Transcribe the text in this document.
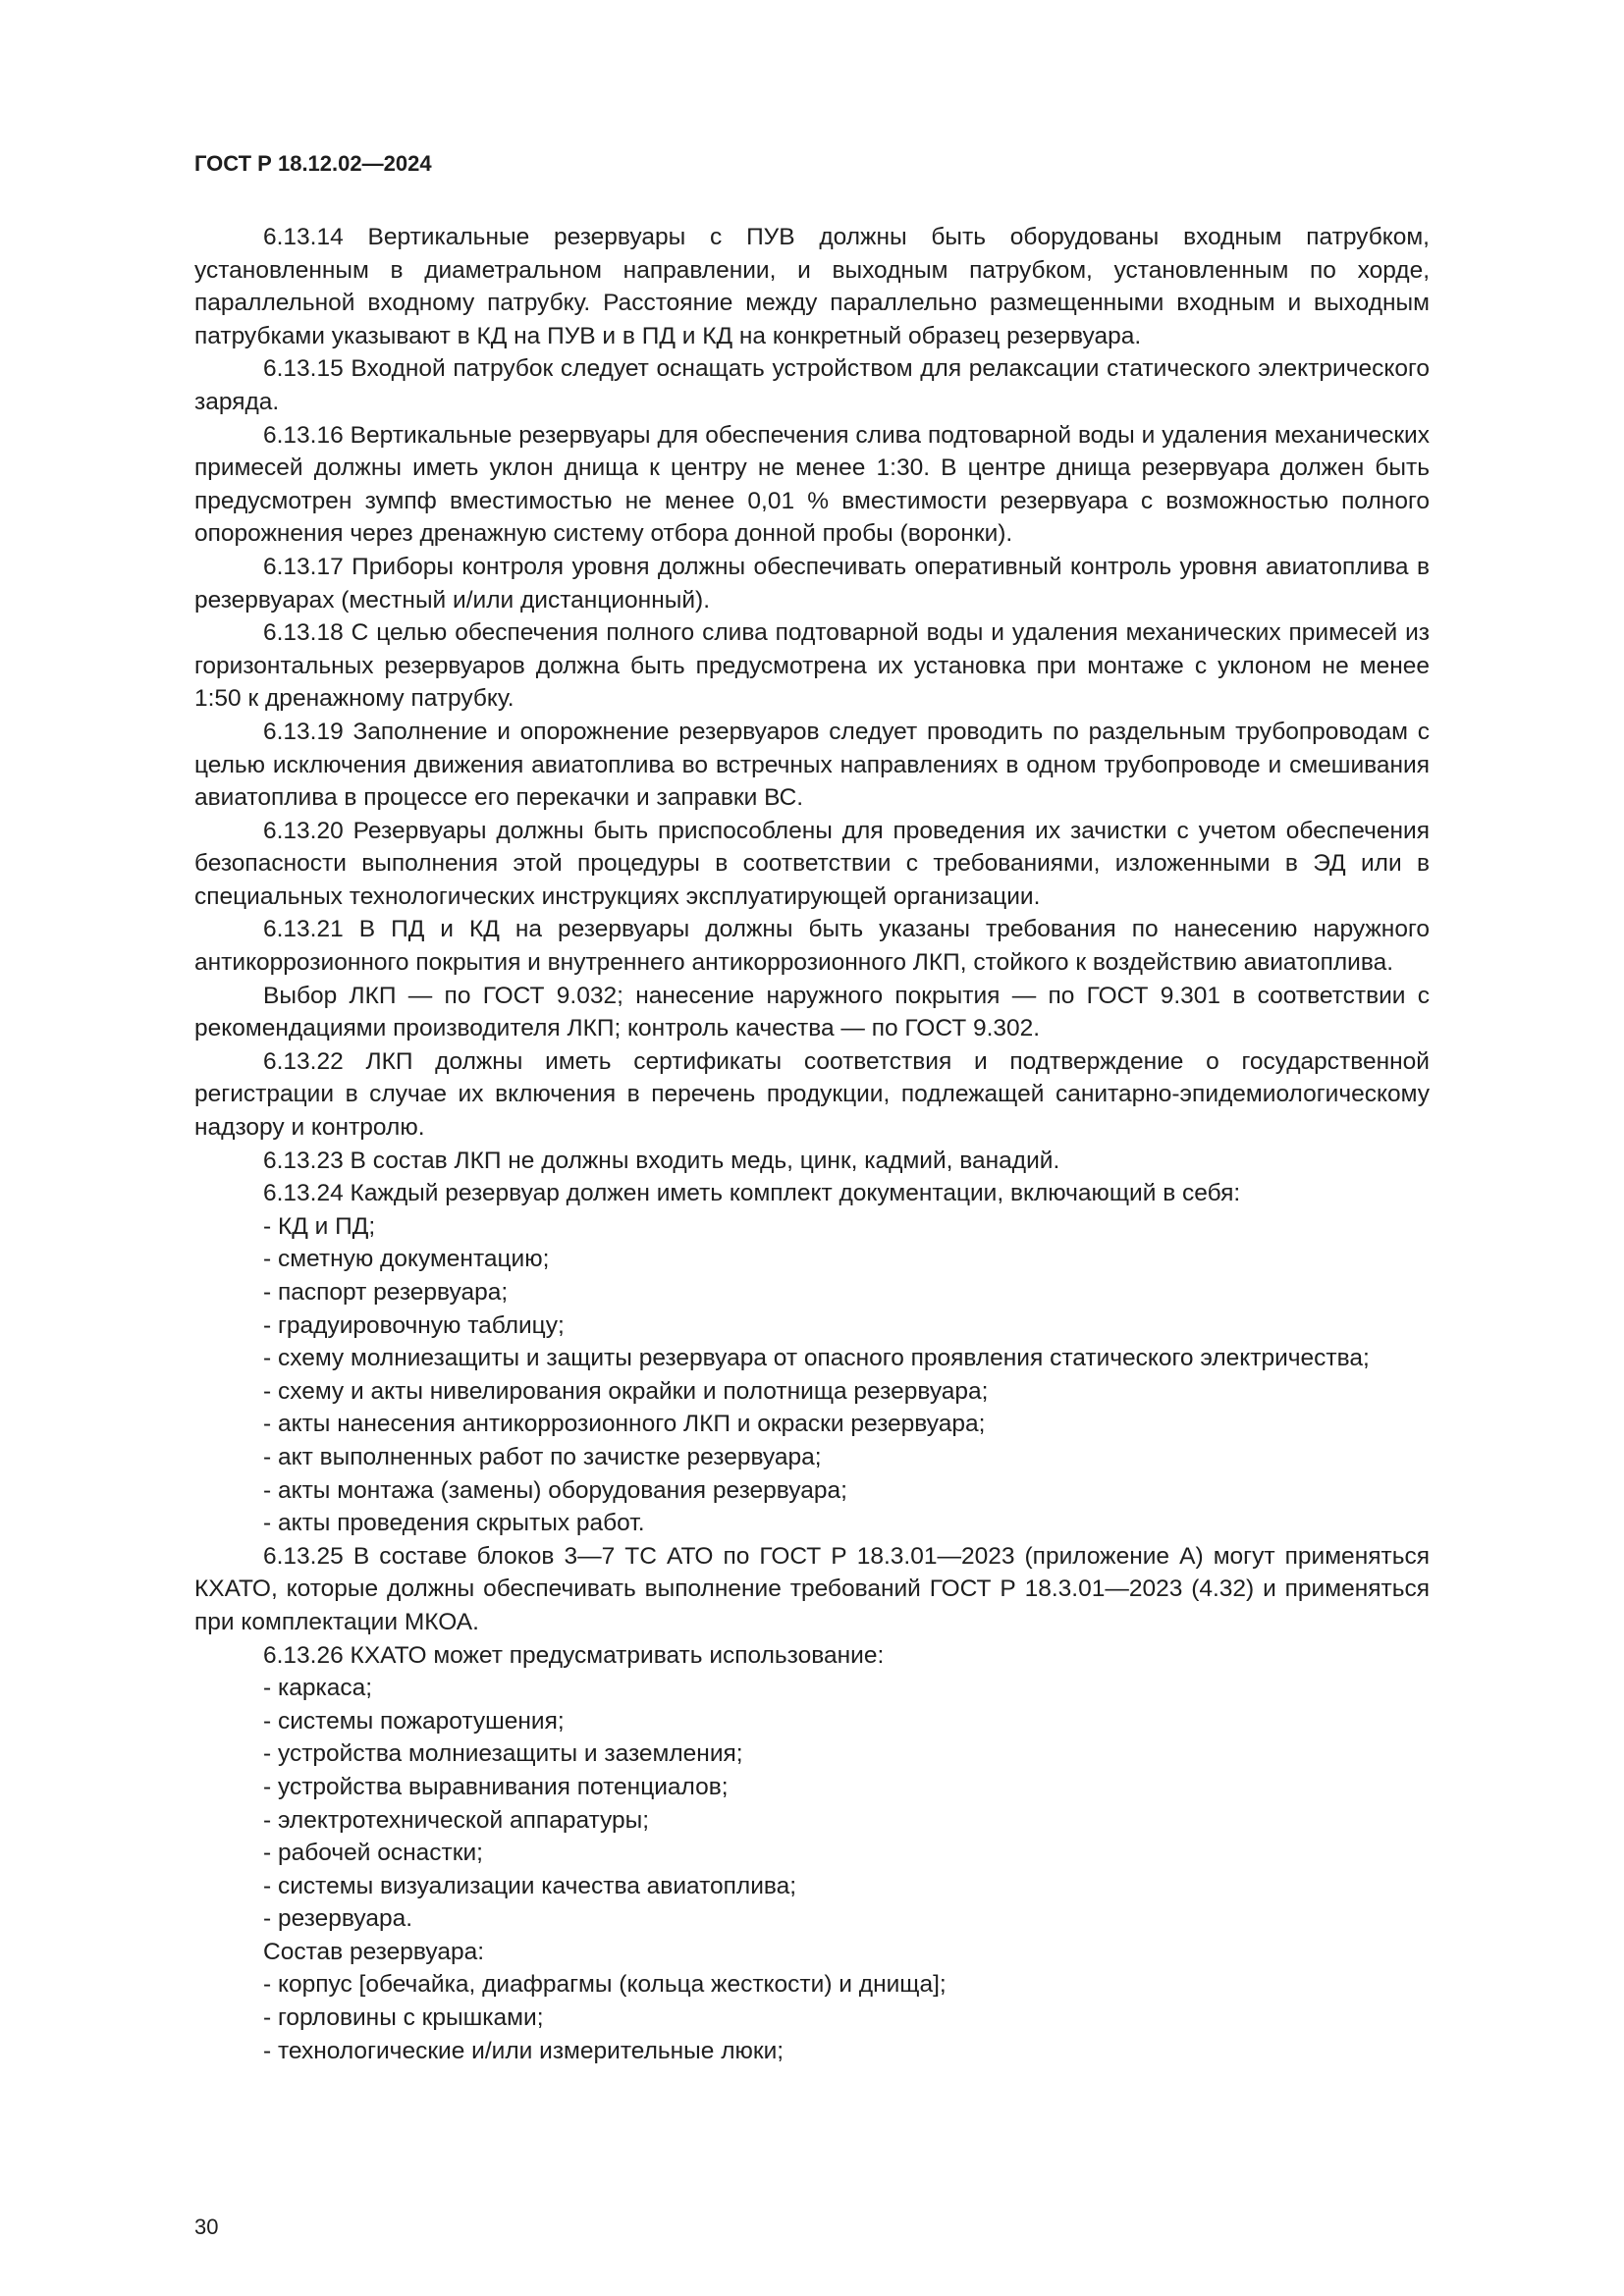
ГОСТ Р 18.12.02—2024

6.13.14 Вертикальные резервуары с ПУВ должны быть оборудованы входным патрубком, установленным в диаметральном направлении, и выходным патрубком, установленным по хорде, параллельной входному патрубку. Расстояние между параллельно размещенными входным и выходным патрубками указывают в КД на ПУВ и в ПД и КД на конкретный образец резервуара.

6.13.15 Входной патрубок следует оснащать устройством для релаксации статического электрического заряда.

6.13.16 Вертикальные резервуары для обеспечения слива подтоварной воды и удаления механических примесей должны иметь уклон днища к центру не менее 1:30. В центре днища резервуара должен быть предусмотрен зумпф вместимостью не менее 0,01 % вместимости резервуара с возможностью полного опорожнения через дренажную систему отбора донной пробы (воронки).

6.13.17 Приборы контроля уровня должны обеспечивать оперативный контроль уровня авиатоплива в резервуарах (местный и/или дистанционный).

6.13.18 С целью обеспечения полного слива подтоварной воды и удаления механических примесей из горизонтальных резервуаров должна быть предусмотрена их установка при монтаже с уклоном не менее 1:50 к дренажному патрубку.

6.13.19 Заполнение и опорожнение резервуаров следует проводить по раздельным трубопроводам с целью исключения движения авиатоплива во встречных направлениях в одном трубопроводе и смешивания авиатоплива в процессе его перекачки и заправки ВС.

6.13.20 Резервуары должны быть приспособлены для проведения их зачистки с учетом обеспечения безопасности выполнения этой процедуры в соответствии с требованиями, изложенными в ЭД или в специальных технологических инструкциях эксплуатирующей организации.

6.13.21 В ПД и КД на резервуары должны быть указаны требования по нанесению наружного антикоррозионного покрытия и внутреннего антикоррозионного ЛКП, стойкого к воздействию авиатоплива.

Выбор ЛКП — по ГОСТ 9.032; нанесение наружного покрытия — по ГОСТ 9.301 в соответствии с рекомендациями производителя ЛКП; контроль качества — по ГОСТ 9.302.

6.13.22 ЛКП должны иметь сертификаты соответствия и подтверждение о государственной регистрации в случае их включения в перечень продукции, подлежащей санитарно-эпидемиологическому надзору и контролю.

6.13.23 В состав ЛКП не должны входить медь, цинк, кадмий, ванадий.

6.13.24 Каждый резервуар должен иметь комплект документации, включающий в себя:

- КД и ПД;

- сметную документацию;

- паспорт резервуара;

- градуировочную таблицу;

- схему молниезащиты и защиты резервуара от опасного проявления статического электричества;

- схему и акты нивелирования окрайки и полотнища резервуара;

- акты нанесения антикоррозионного ЛКП и окраски резервуара;

- акт выполненных работ по зачистке резервуара;

- акты монтажа (замены) оборудования резервуара;

- акты проведения скрытых работ.

6.13.25 В составе блоков 3—7 ТС АТО по ГОСТ Р 18.3.01—2023 (приложение А) могут применяться КХАТО, которые должны обеспечивать выполнение требований ГОСТ Р 18.3.01—2023 (4.32) и применяться при комплектации МКОА.

6.13.26 КХАТО может предусматривать использование:

- каркаса;

- системы пожаротушения;

- устройства молниезащиты и заземления;

- устройства выравнивания потенциалов;

- электротехнической аппаратуры;

- рабочей оснастки;

- системы визуализации качества авиатоплива;

- резервуара.

Состав резервуара:

- корпус [обечайка, диафрагмы (кольца жесткости) и днища];

- горловины с крышками;

- технологические и/или измерительные люки;

30
